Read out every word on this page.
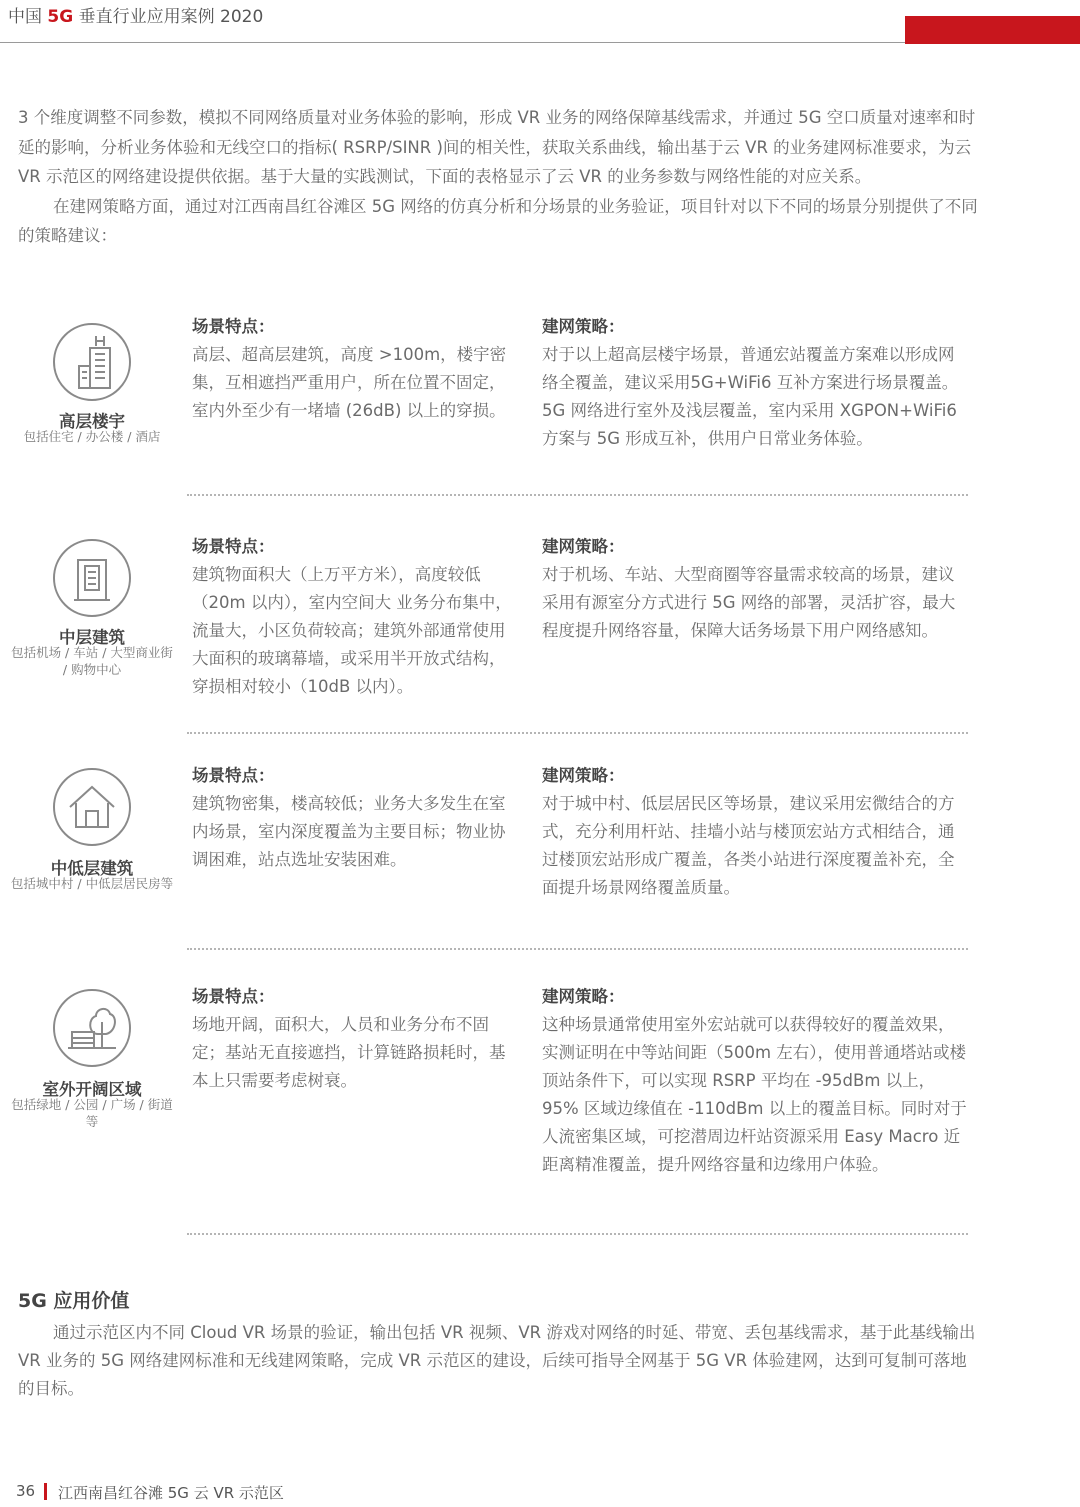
中国 5G 垂直行业应用案例 2020

3 个维度调整不同参数，模拟不同网络质量对业务体验的影响，形成 VR 业务的网络保障基线需求，并通过 5G 空口质量对速率和时延的影响，分析业务体验和无线空口的指标( RSRP/SINR )间的相关性，获取关系曲线，输出基于云 VR 的业务建网标准要求，为云 VR 示范区的网络建设提供依据。基于大量的实践测试，下面的表格显示了云 VR 的业务参数与网络性能的对应关系。

在建网策略方面，通过对江西南昌红谷滩区 5G 网络的仿真分析和分场景的业务验证，项目针对以下不同的场景分别提供了不同的策略建议：

高层楼宇
包括住宅 / 办公楼 / 酒店
场景特点：
高层、超高层建筑，高度 >100m，楼宇密集，互相遮挡严重用户，所在位置不固定，室内外至少有一堵墙 (26dB) 以上的穿损。
建网策略：
对于以上超高层楼宇场景，普通宏站覆盖方案难以形成网络全覆盖，建议采用5G+WiFi6 互补方案进行场景覆盖。5G 网络进行室外及浅层覆盖，室内采用 XGPON+WiFi6 方案与 5G 形成互补，供用户日常业务体验。
中层建筑
包括机场 / 车站 / 大型商业街 / 购物中心
场景特点：
建筑物面积大（上万平方米），高度较低（20m 以内），室内空间大 业务分布集中，流量大，小区负荷较高；建筑外部通常使用大面积的玻璃幕墙，或采用半开放式结构，穿损相对较小（10dB 以内）。
建网策略：
对于机场、车站、大型商圈等容量需求较高的场景，建议采用有源室分方式进行 5G 网络的部署，灵活扩容，最大程度提升网络容量，保障大话务场景下用户网络感知。
中低层建筑
包括城中村 / 中低层居民房等
场景特点：
建筑物密集，楼高较低；业务大多发生在室内场景，室内深度覆盖为主要目标；物业协调困难，站点选址安装困难。
建网策略：
对于城中村、低层居民区等场景，建议采用宏微结合的方式，充分利用杆站、挂墙小站与楼顶宏站方式相结合，通过楼顶宏站形成广覆盖，各类小站进行深度覆盖补充，全面提升场景网络覆盖质量。
室外开阔区域
包括绿地 / 公园 / 广场 / 街道等
场景特点：
场地开阔，面积大，人员和业务分布不固定；基站无直接遮挡，计算链路损耗时，基本上只需要考虑树衰。
建网策略：
这种场景通常使用室外宏站就可以获得较好的覆盖效果，实测证明在中等站间距（500m 左右），使用普通塔站或楼顶站条件下，可以实现 RSRP 平均在 -95dBm 以上，95% 区域边缘值在 -110dBm 以上的覆盖目标。同时对于人流密集区域，可挖潜周边杆站资源采用 Easy Macro 近距离精准覆盖，提升网络容量和边缘用户体验。
5G 应用价值
通过示范区内不同 Cloud VR 场景的验证，输出包括 VR 视频、VR 游戏对网络的时延、带宽、丢包基线需求，基于此基线输出 VR 业务的 5G 网络建网标准和无线建网策略，完成 VR 示范区的建设，后续可指导全网基于 5G VR 体验建网，达到可复制可落地的目标。
36 江西南昌红谷滩 5G 云 VR 示范区
